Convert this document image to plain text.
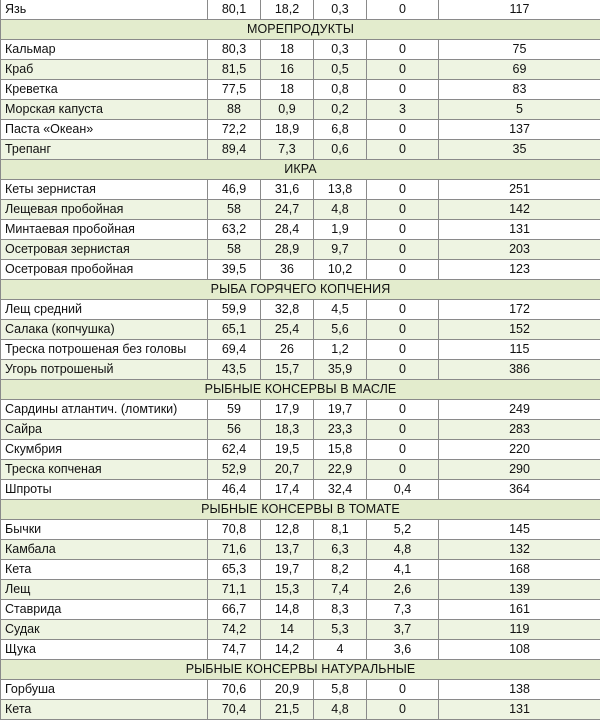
Язь	80,1	18,2	0,3	0	117
МОРЕПРОДУКТЫ					
Кальмар	80,3	18	0,3	0	75
Краб	81,5	16	0,5	0	69
Креветка	77,5	18	0,8	0	83
Морская капуста	88	0,9	0,2	3	5
Паста «Океан»	72,2	18,9	6,8	0	137
Трепанг	89,4	7,3	0,6	0	35
ИКРА					
Кеты зернистая	46,9	31,6	13,8	0	251
Лещевая пробойная	58	24,7	4,8	0	142
Минтаевая пробойная	63,2	28,4	1,9	0	131
Осетровая зернистая	58	28,9	9,7	0	203
Осетровая пробойная	39,5	36	10,2	0	123
РЫБА ГОРЯЧЕГО КОПЧЕНИЯ					
Лещ средний	59,9	32,8	4,5	0	172
Салака (копчушка)	65,1	25,4	5,6	0	152
Треска потрошеная без головы	69,4	26	1,2	0	115
Угорь потрошеный	43,5	15,7	35,9	0	386
РЫБНЫЕ КОНСЕРВЫ В МАСЛЕ					
Сардины атлантич. (ломтики)	59	17,9	19,7	0	249
Сайра	56	18,3	23,3	0	283
Скумбрия	62,4	19,5	15,8	0	220
Треска копченая	52,9	20,7	22,9	0	290
Шпроты	46,4	17,4	32,4	0,4	364
РЫБНЫЕ КОНСЕРВЫ В ТОМАТЕ					
Бычки	70,8	12,8	8,1	5,2	145
Камбала	71,6	13,7	6,3	4,8	132
Кета	65,3	19,7	8,2	4,1	168
Лещ	71,1	15,3	7,4	2,6	139
Ставрида	66,7	14,8	8,3	7,3	161
Судак	74,2	14	5,3	3,7	119
Щука	74,7	14,2	4	3,6	108
РЫБНЫЕ КОНСЕРВЫ НАТУРАЛЬНЫЕ					
Горбуша	70,6	20,9	5,8	0	138
Кета	70,4	21,5	4,8	0	131
